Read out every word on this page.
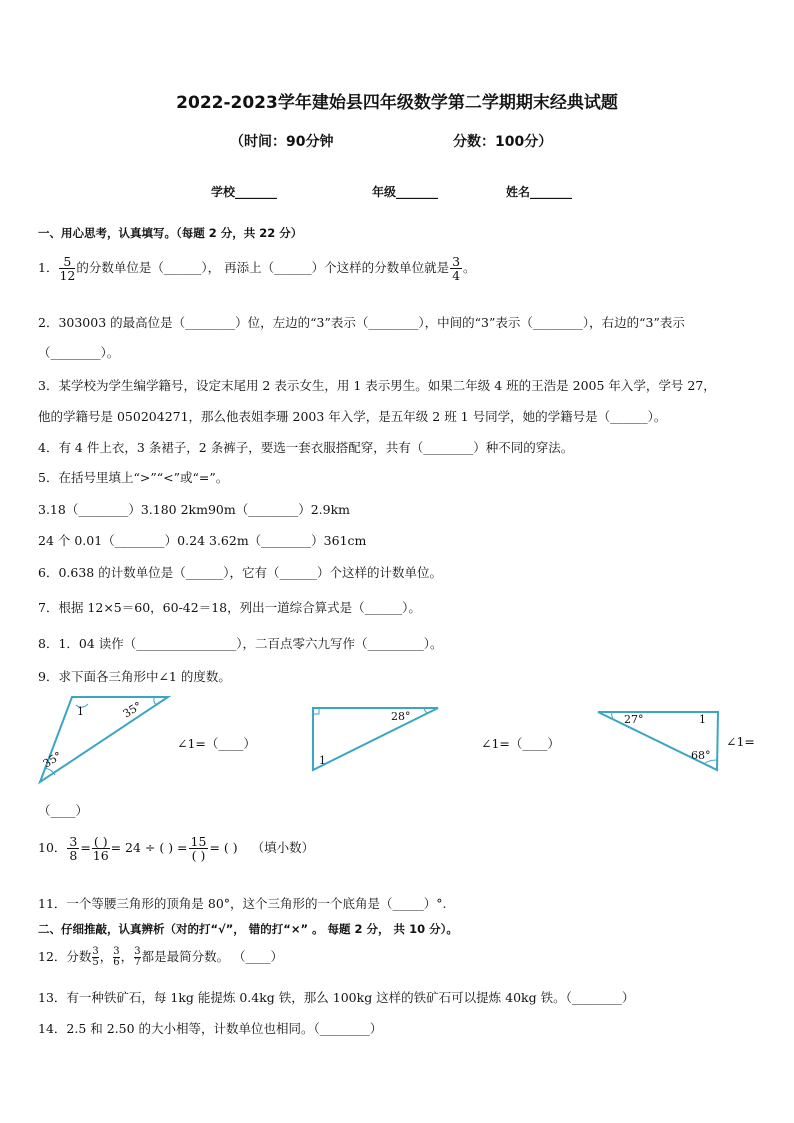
2022-2023学年建始县四年级数学第二学期期末经典试题
（时间：90分钟	分数：100分）
学校_______	年级_______	姓名_______
一、用心思考，认真填写。（每题 2 分，共 22 分）
1． $\frac{5}{12}$ 的分数单位是（______）， 再添上（______）个这样的分数单位就是 $\frac{3}{4}$ 。
2．303003 的最高位是（________）位，左边的“3”表示（________），中间的“3”表示（________），右边的“3”表示
（________）。
3．某学校为学生编学籍号，设定末尾用 2 表示女生，用 1 表示男生。如果二年级 4 班的王浩是 2005 年入学，学号 27，
他的学籍号是 050204271，那么他表姐李珊 2003 年入学，是五年级 2 班 1 号同学，她的学籍号是（______）。
4．有 4 件上衣，3 条裙子，2 条裤子，要选一套衣服搭配穿，共有（________）种不同的穿法。
5．在括号里填上“>”“<”或“=”。
3.18（________）3.180 2km90m（________）2.9km
24 个 0.01（________）0.24 3.62m（________）361cm
6．0.638 的计数单位是（______），它有（______）个这样的计数单位。
7．根据 12×5＝60，60-42＝18，列出一道综合算式是（______）。
8．1．04 读作（________________），二百点零六九写作（_________）。
9．求下面各三角形中∠1 的度数。
1	35°
35°
28°
1
27°	1
68°
∠1=（____）	∠1=（____）	∠1=
（____）
10． $\frac{3}{8} = \frac{( )}{16} = 24$ ÷ ( ) = $\frac{15}{( )}$ = ( ) （填小数）
11．一个等腰三角形的顶角是 80°，这个三角形的一个底角是（_____）°.
二、仔细推敲，认真辨析（对的打“√”， 错的打“×” 。 每题 2 分， 共 10 分）。
12．分数 $\frac{3}{5}$ ， $\frac{3}{6}$ ， $\frac{3}{7}$ 都是最简分数。 （____）
13．有一种铁矿石，每 1kg 能提炼 0.4kg 铁，那么 100kg 这样的铁矿石可以提炼 40kg 铁。（________）
14．2.5 和 2.50 的大小相等，计数单位也相同。（________）
